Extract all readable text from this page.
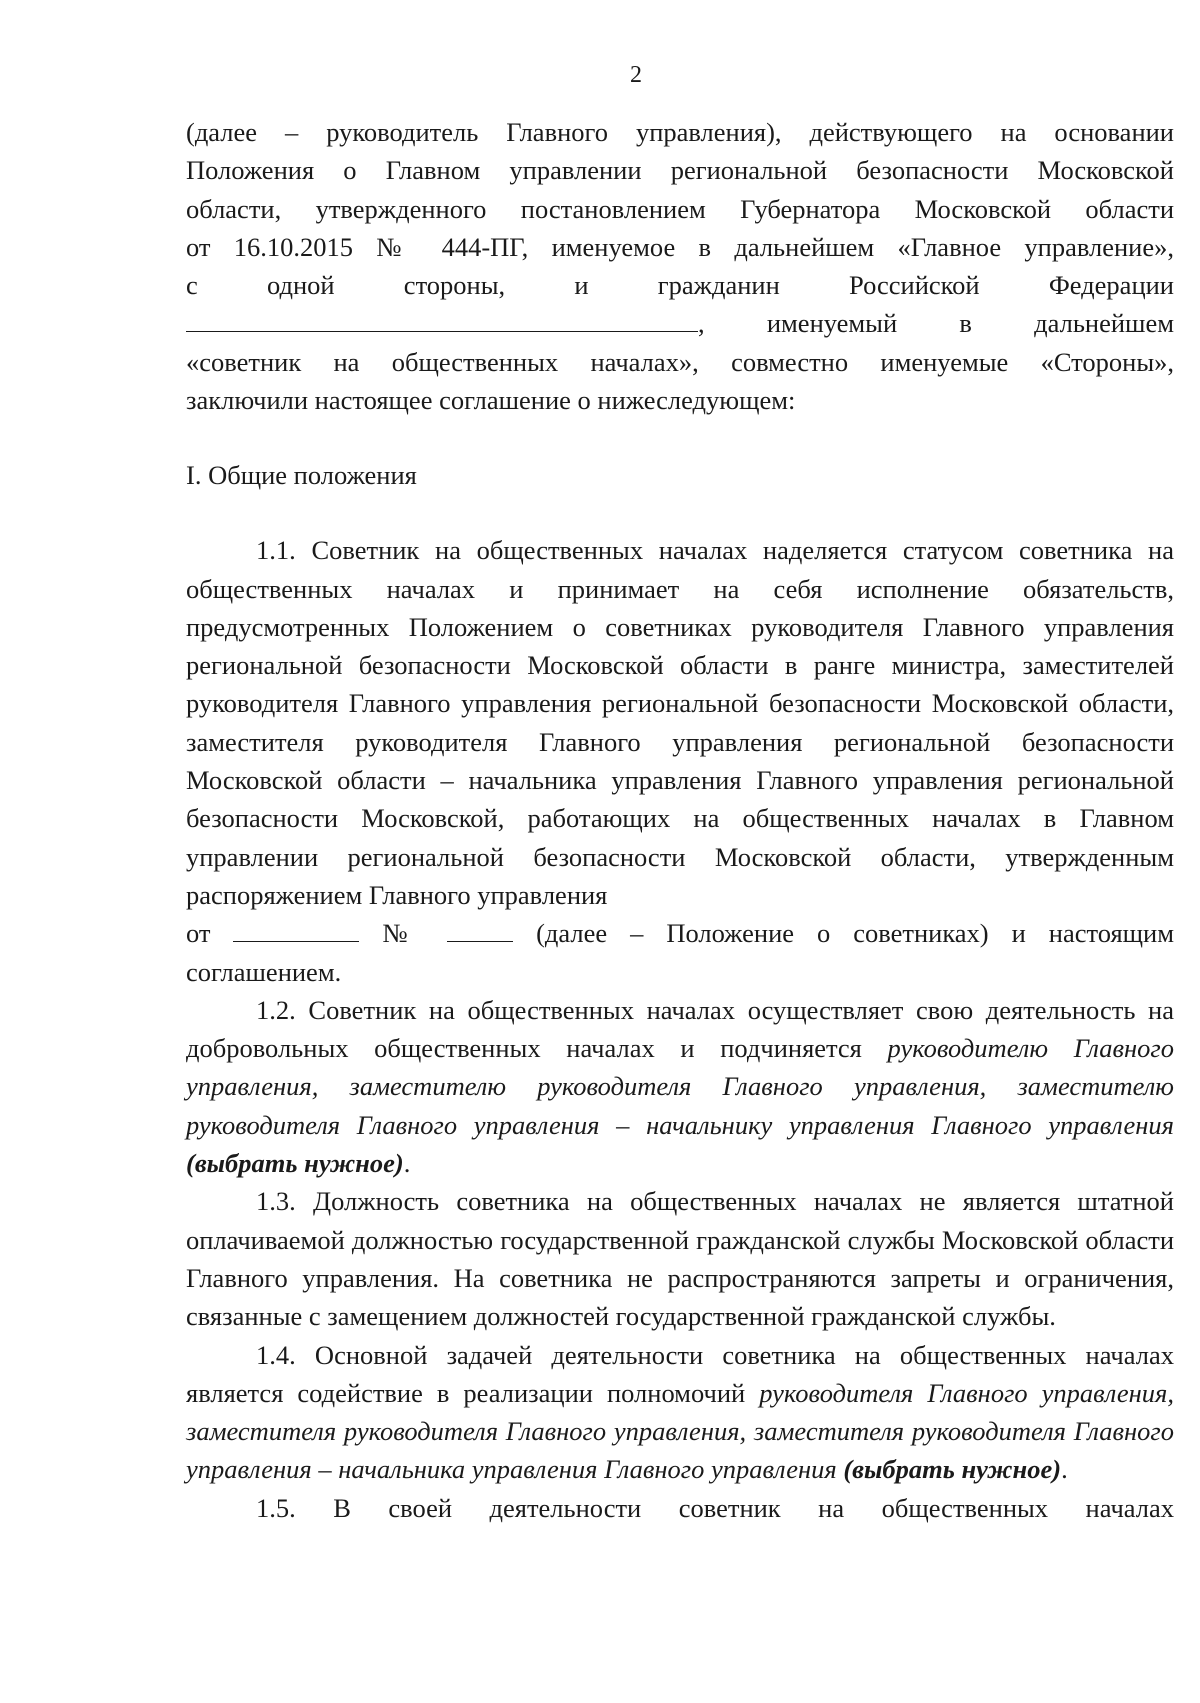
2

(далее – руководитель Главного управления), действующего на основании

Положения о Главном управлении региональной безопасности Московской

области, утвержденного постановлением Губернатора Московской области

от 16.10.2015 № 444-ПГ, именуемое в дальнейшем «Главное управление»,

с одной стороны, и гражданин Российской Федерации

, именуемый в дальнейшем

«советник на общественных началах», совместно именуемые «Стороны»,

заключили настоящее соглашение о нижеследующем:

I. Общие положения

1.1. Советник на общественных началах наделяется статусом советника на общественных началах и принимает на себя исполнение обязательств, предусмотренных Положением о советниках руководителя Главного управления региональной безопасности Московской области в ранге министра, заместителей руководителя Главного управления региональной безопасности Московской области, заместителя руководителя Главного управления региональной безопасности Московской области – начальника управления Главного управления региональной безопасности Московской, работающих на общественных началах в Главном управлении региональной безопасности Московской области, утвержденным распоряжением Главного управления

от	№	(далее – Положение о советниках) и настоящим

соглашением.

1.2. Советник на общественных началах осуществляет свою деятельность на добровольных общественных началах и подчиняется руководителю Главного управления, заместителю руководителя Главного управления, заместителю руководителя Главного управления – начальнику управления Главного управления (выбрать нужное).

1.3. Должность советника на общественных началах не является штатной оплачиваемой должностью государственной гражданской службы Московской области Главного управления. На советника не распространяются запреты и ограничения, связанные с замещением должностей государственной гражданской службы.

1.4. Основной задачей деятельности советника на общественных началах является содействие в реализации полномочий руководителя Главного управления, заместителя руководителя Главного управления, заместителя руководителя Главного управления – начальника управления Главного управления (выбрать нужное).

1.5. В своей деятельности советник на общественных началах
